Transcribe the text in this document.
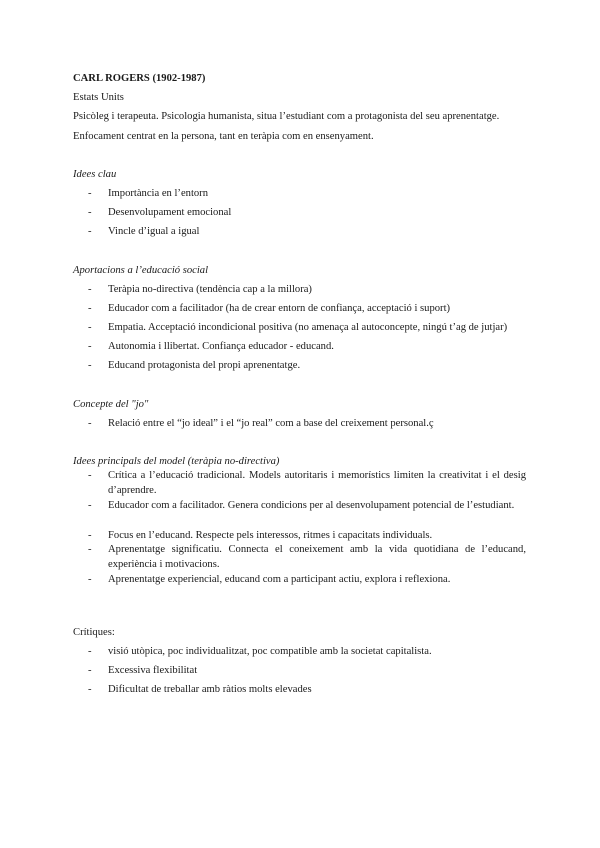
CARL ROGERS (1902-1987)
Estats Units
Psicòleg i terapeuta. Psicologia humanista, situa l’estudiant com a protagonista del seu aprenentatge.
Enfocament centrat en la persona, tant en teràpia com en ensenyament.
Idees clau
- Importància en l’entorn
- Desenvolupament emocional
- Vincle d’igual a igual
Aportacions a l’educació social
- Teràpia no-directiva (tendència cap a la millora)
- Educador com a facilitador (ha de crear entorn de confiança, acceptació i suport)
- Empatia. Acceptació incondicional positiva (no amenaça al autoconcepte, ningú t’ag de jutjar)
- Autonomia i llibertat. Confiança educador - educand.
- Educand protagonista del propi aprenentatge.
Concepte del "jo"
- Relació entre el “jo ideal” i el “jo real” com a base del creixement personal.ç
Idees principals del model (teràpia no-directiva)
- Crítica a l’educació tradicional. Models autoritaris i memorístics limiten la creativitat i el desig d’aprendre.
- Educador com a facilitador. Genera condicions per al desenvolupament potencial de l’estudiant.
- Focus en l’educand. Respecte pels interessos, ritmes i capacitats individuals.
- Aprenentatge significatiu. Connecta el coneixement amb la vida quotidiana de l’educand, experiència i motivacions.
- Aprenentatge experiencial, educand com a participant actiu, explora i reflexiona.
Crítiques:
- visió utòpica, poc individualitzat, poc compatible amb la societat capitalista.
- Excessiva flexibilitat
- Dificultat de treballar amb ràtios molts elevades
